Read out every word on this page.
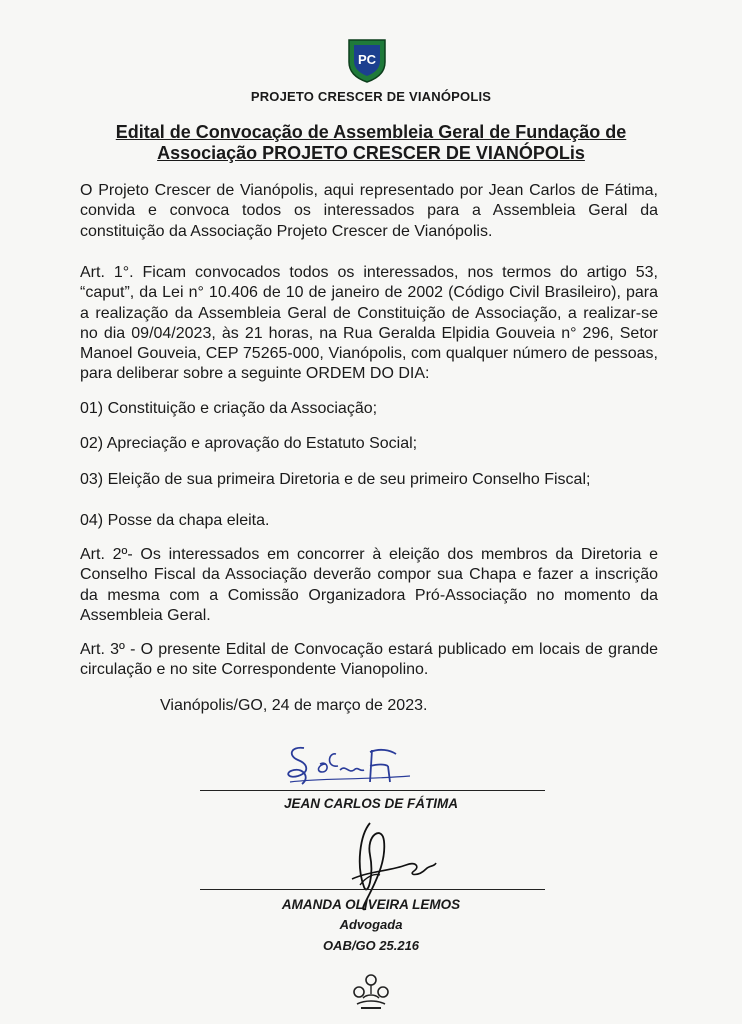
PC
PROJETO CRESCER DE VIANÓPOLIS
Edital de Convocação de Assembleia Geral de Fundação de
Associação PROJETO CRESCER DE VIANÓPOLis
O Projeto Crescer de Vianópolis, aqui representado por Jean Carlos de Fátima, convida e convoca todos os interessados para a Assembleia Geral da constituição da Associação Projeto Crescer de Vianópolis.
Art. 1°. Ficam convocados todos os interessados, nos termos do artigo 53, “caput”, da Lei n° 10.406 de 10 de janeiro de 2002 (Código Civil Brasileiro), para a realização da Assembleia Geral de Constituição de Associação, a realizar-se no dia 09/04/2023, às 21 horas, na Rua Geralda Elpidia Gouveia n° 296, Setor Manoel Gouveia, CEP 75265-000, Vianópolis, com qualquer número de pessoas, para deliberar sobre a seguinte ORDEM DO DIA:
01) Constituição e criação da Associação;
02) Apreciação e aprovação do Estatuto Social;
03) Eleição de sua primeira Diretoria e de seu primeiro Conselho Fiscal;
04) Posse da chapa eleita.
Art. 2º- Os interessados em concorrer à eleição dos membros da Diretoria e Conselho Fiscal da Associação deverão compor sua Chapa e fazer a inscrição da mesma com a Comissão Organizadora Pró-Associação no momento da Assembleia Geral.
Art. 3º - O presente Edital de Convocação estará publicado em locais de grande circulação e no site Correspondente Vianopolino.
Vianópolis/GO, 24 de março de 2023.
JEAN CARLOS DE FÁTIMA
AMANDA OLIVEIRA LEMOS
Advogada
OAB/GO 25.216
